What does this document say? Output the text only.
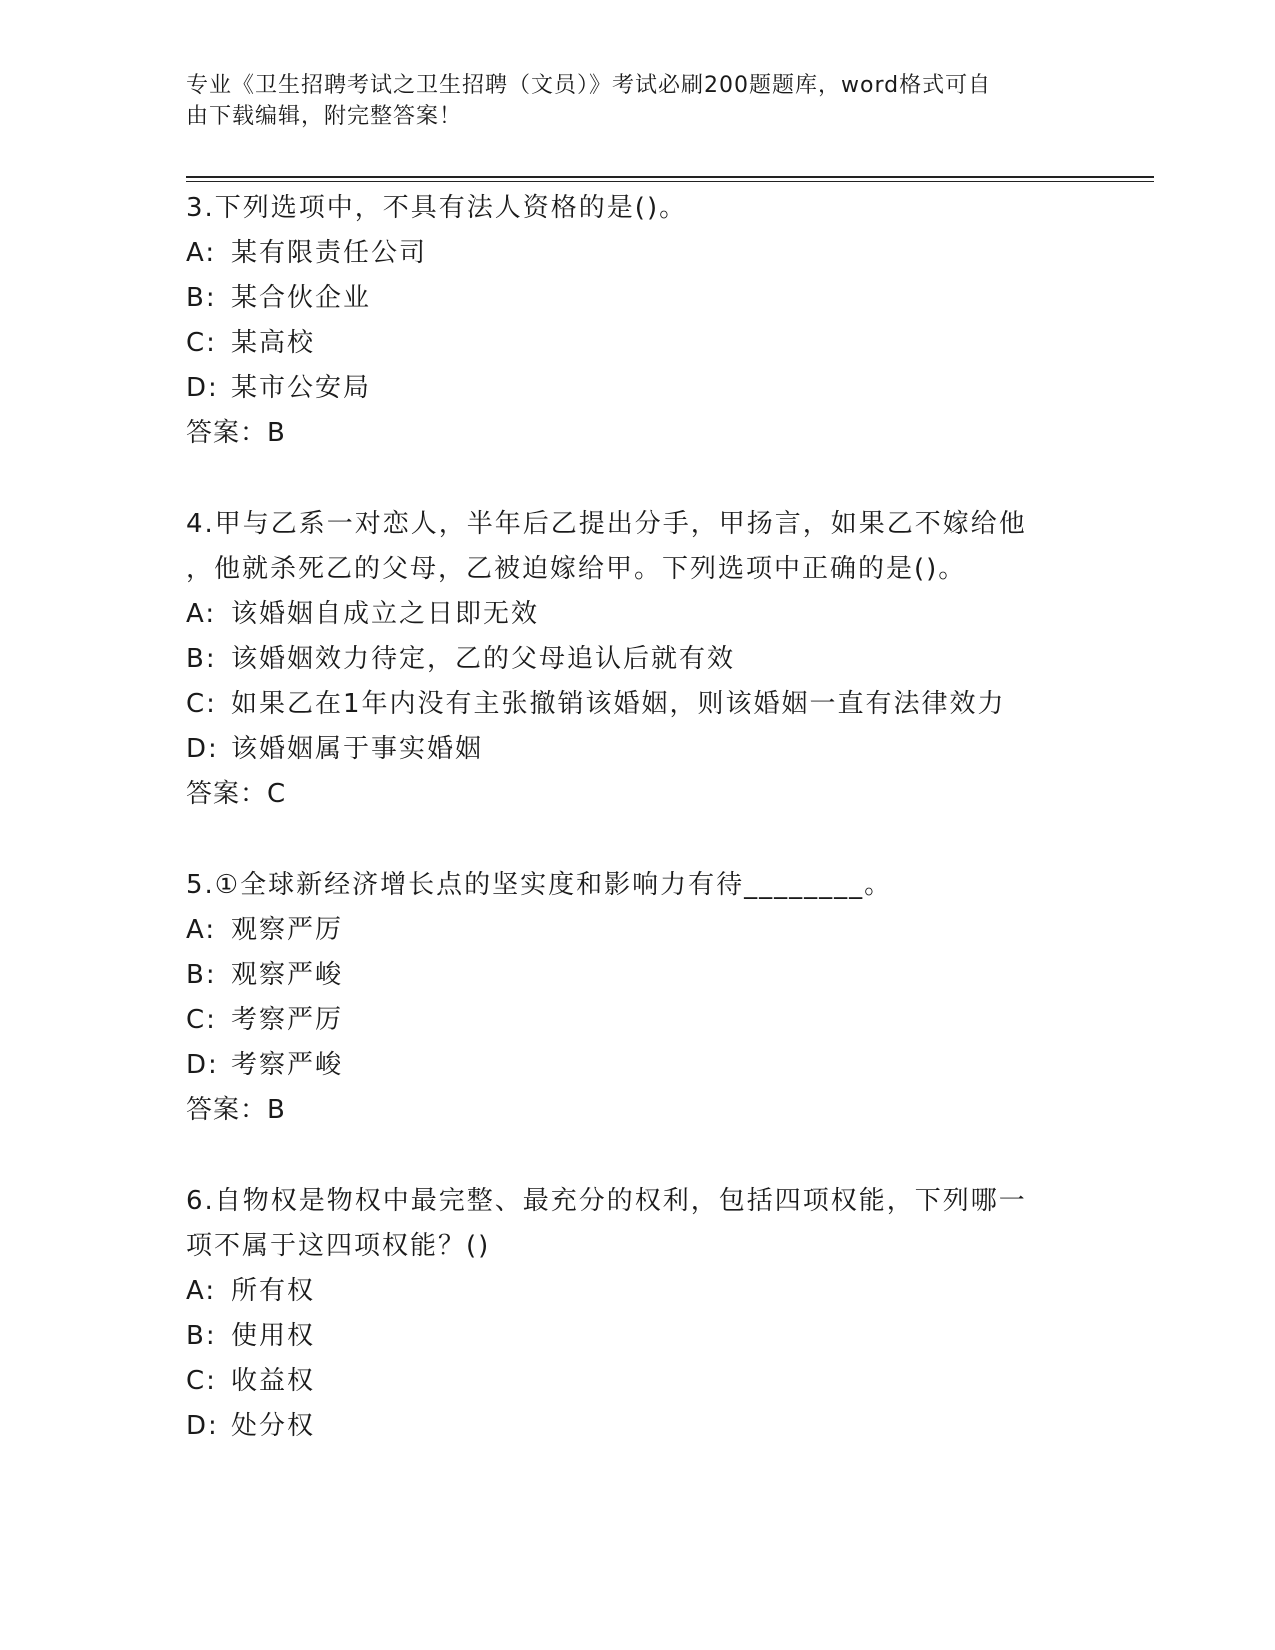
专业《卫生招聘考试之卫生招聘（文员）》考试必刷200题题库，word格式可自
由下载编辑，附完整答案！

3.下列选项中，不具有法人资格的是()。

A: 某有限责任公司

B: 某合伙企业

C: 某高校

D: 某市公安局

答案：B

4.甲与乙系一对恋人，半年后乙提出分手，甲扬言，如果乙不嫁给他

，他就杀死乙的父母，乙被迫嫁给甲。下列选项中正确的是()。

A: 该婚姻自成立之日即无效

B: 该婚姻效力待定，乙的父母追认后就有效

C: 如果乙在1年内没有主张撤销该婚姻，则该婚姻一直有法律效力

D: 该婚姻属于事实婚姻

答案：C

5.①全球新经济增长点的坚实度和影响力有待________。

A: 观察严厉

B: 观察严峻

C: 考察严厉

D: 考察严峻

答案：B

6.自物权是物权中最完整、最充分的权利，包括四项权能，下列哪一

项不属于这四项权能？()

A: 所有权

B: 使用权

C: 收益权

D: 处分权
